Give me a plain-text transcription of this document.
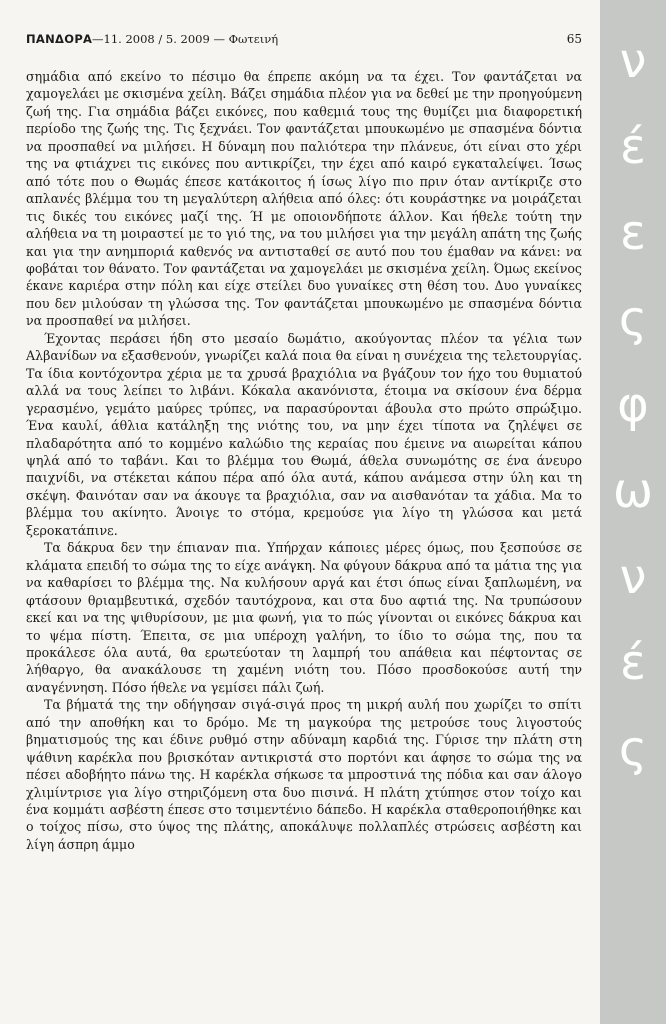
ΠΑΝΔΟΡΑ —11. 2008 / 5. 2009 — Φωτεινή	65

σημάδια από εκείνο το πέσιμο θα έπρεπε ακόμη να τα έχει. Τον φαντάζεται να χαμογελάει με σκισμένα χείλη. Βάζει σημάδια πλέον για να δεθεί με την προηγούμενη ζωή της. Για σημάδια βάζει εικόνες, που καθεμιά τους της θυμίζει μια διαφορετική περίοδο της ζωής της. Τις ξεχνάει. Τον φαντάζεται μπουκωμένο με σπασμένα δόντια να προσπαθεί να μιλήσει. Η δύναμη που παλιότερα την πλάνευε, ότι είναι στο χέρι της να φτιάχνει τις εικόνες που αντικρίζει, την έχει από καιρό εγκαταλείψει. Ίσως από τότε που ο Θωμάς έπεσε κατάκοιτος ή ίσως λίγο πιο πριν όταν αντίκριζε στο απλανές βλέμμα του τη μεγαλύτερη αλήθεια από όλες: ότι κουράστηκε να μοιράζεται τις δικές του εικόνες μαζί της. Ή με οποιονδήποτε άλλον. Και ήθελε τούτη την αλήθεια να τη μοιραστεί με το γιό της, να του μιλήσει για την μεγάλη απάτη της ζωής και για την ανημποριά καθενός να αντισταθεί σε αυτό που του έμαθαν να κάνει: να φοβάται τον θάνατο. Τον φαντάζεται να χαμογελάει με σκισμένα χείλη. Όμως εκείνος έκανε καριέρα στην πόλη και είχε στείλει δυο γυναίκες στη θέση του. Δυο γυναίκες που δεν μιλούσαν τη γλώσσα της. Τον φαντάζεται μπουκωμένο με σπασμένα δόντια να προσπαθεί να μιλήσει.

Έχοντας περάσει ήδη στο μεσαίο δωμάτιο, ακούγοντας πλέον τα γέλια των Αλβανίδων να εξασθενούν, γνωρίζει καλά ποια θα είναι η συνέχεια της τελετουργίας. Τα ίδια κοντόχοντρα χέρια με τα χρυσά βραχιόλια να βγάζουν τον ήχο του θυμιατού αλλά να τους λείπει το λιβάνι. Κόκαλα ακανόνιστα, έτοιμα να σκίσουν ένα δέρμα γερασμένο, γεμάτο μαύρες τρύπες, να παρασύρονται άβουλα στο πρώτο σπρώξιμο. Ένα καυλί, άθλια κατάληξη της νιότης του, να μην έχει τίποτα να ζηλέψει σε πλαδαρότητα από το κομμένο καλώδιο της κεραίας που έμεινε να αιωρείται κάπου ψηλά από το ταβάνι. Και το βλέμμα του Θωμά, άθελα συνωμότης σε ένα άνευρο παιχνίδι, να στέκεται κάπου πέρα από όλα αυτά, κάπου ανάμεσα στην ύλη και τη σκέψη. Φαινόταν σαν να άκουγε τα βραχιόλια, σαν να αισθανόταν τα χάδια. Μα το βλέμμα του ακίνητο. Άνοιγε το στόμα, κρεμούσε για λίγο τη γλώσσα και μετά ξεροκατάπινε.

Τα δάκρυα δεν την έπιαναν πια. Υπήρχαν κάποιες μέρες όμως, που ξεσπούσε σε κλάματα επειδή το σώμα της το είχε ανάγκη. Να φύγουν δάκρυα από τα μάτια της για να καθαρίσει το βλέμμα της. Να κυλήσουν αργά και έτσι όπως είναι ξαπλωμένη, να φτάσουν θριαμβευτικά, σχεδόν ταυτόχρονα, και στα δυο αφτιά της. Να τρυπώσουν εκεί και να της ψιθυρίσουν, με μια φωνή, για το πώς γίνονται οι εικόνες δάκρυα και το ψέμα πίστη. Έπειτα, σε μια υπέροχη γαλήνη, το ίδιο το σώμα της, που τα προκάλεσε όλα αυτά, θα ερωτεύοταν τη λαμπρή του απάθεια και πέφτοντας σε λήθαργο, θα ανακάλουσε τη χαμένη νιότη του. Πόσο προσδοκούσε αυτή την αναγέννηση. Πόσο ήθελε να γεμίσει πάλι ζωή.

Τα βήματά της την οδήγησαν σιγά-σιγά προς τη μικρή αυλή που χωρίζει το σπίτι από την αποθήκη και το δρόμο. Με τη μαγκούρα της μετρούσε τους λιγοστούς βηματισμούς της και έδινε ρυθμό στην αδύναμη καρδιά της. Γύρισε την πλάτη στη ψάθινη καρέκλα που βρισκόταν αντικριστά στο πορτόνι και άφησε το σώμα της να πέσει αδοβήητο πάνω της. Η καρέκλα σήκωσε τα μπροστινά της πόδια και σαν άλογο χλιμίντρισε για λίγο στηριζόμενη στα δυο πισινά. Η πλάτη χτύπησε στον τοίχο και ένα κομμάτι ασβέστη έπεσε στο τσιμεντένιο δάπεδο. Η καρέκλα σταθεροποιήθηκε και ο τοίχος πίσω, στο ύψος της πλάτης, αποκάλυψε πολλαπλές στρώσεις ασβέστη και λίγη άσπρη άμμο

ν
έ
ε
ς
φ
ω
ν
έ
ς
